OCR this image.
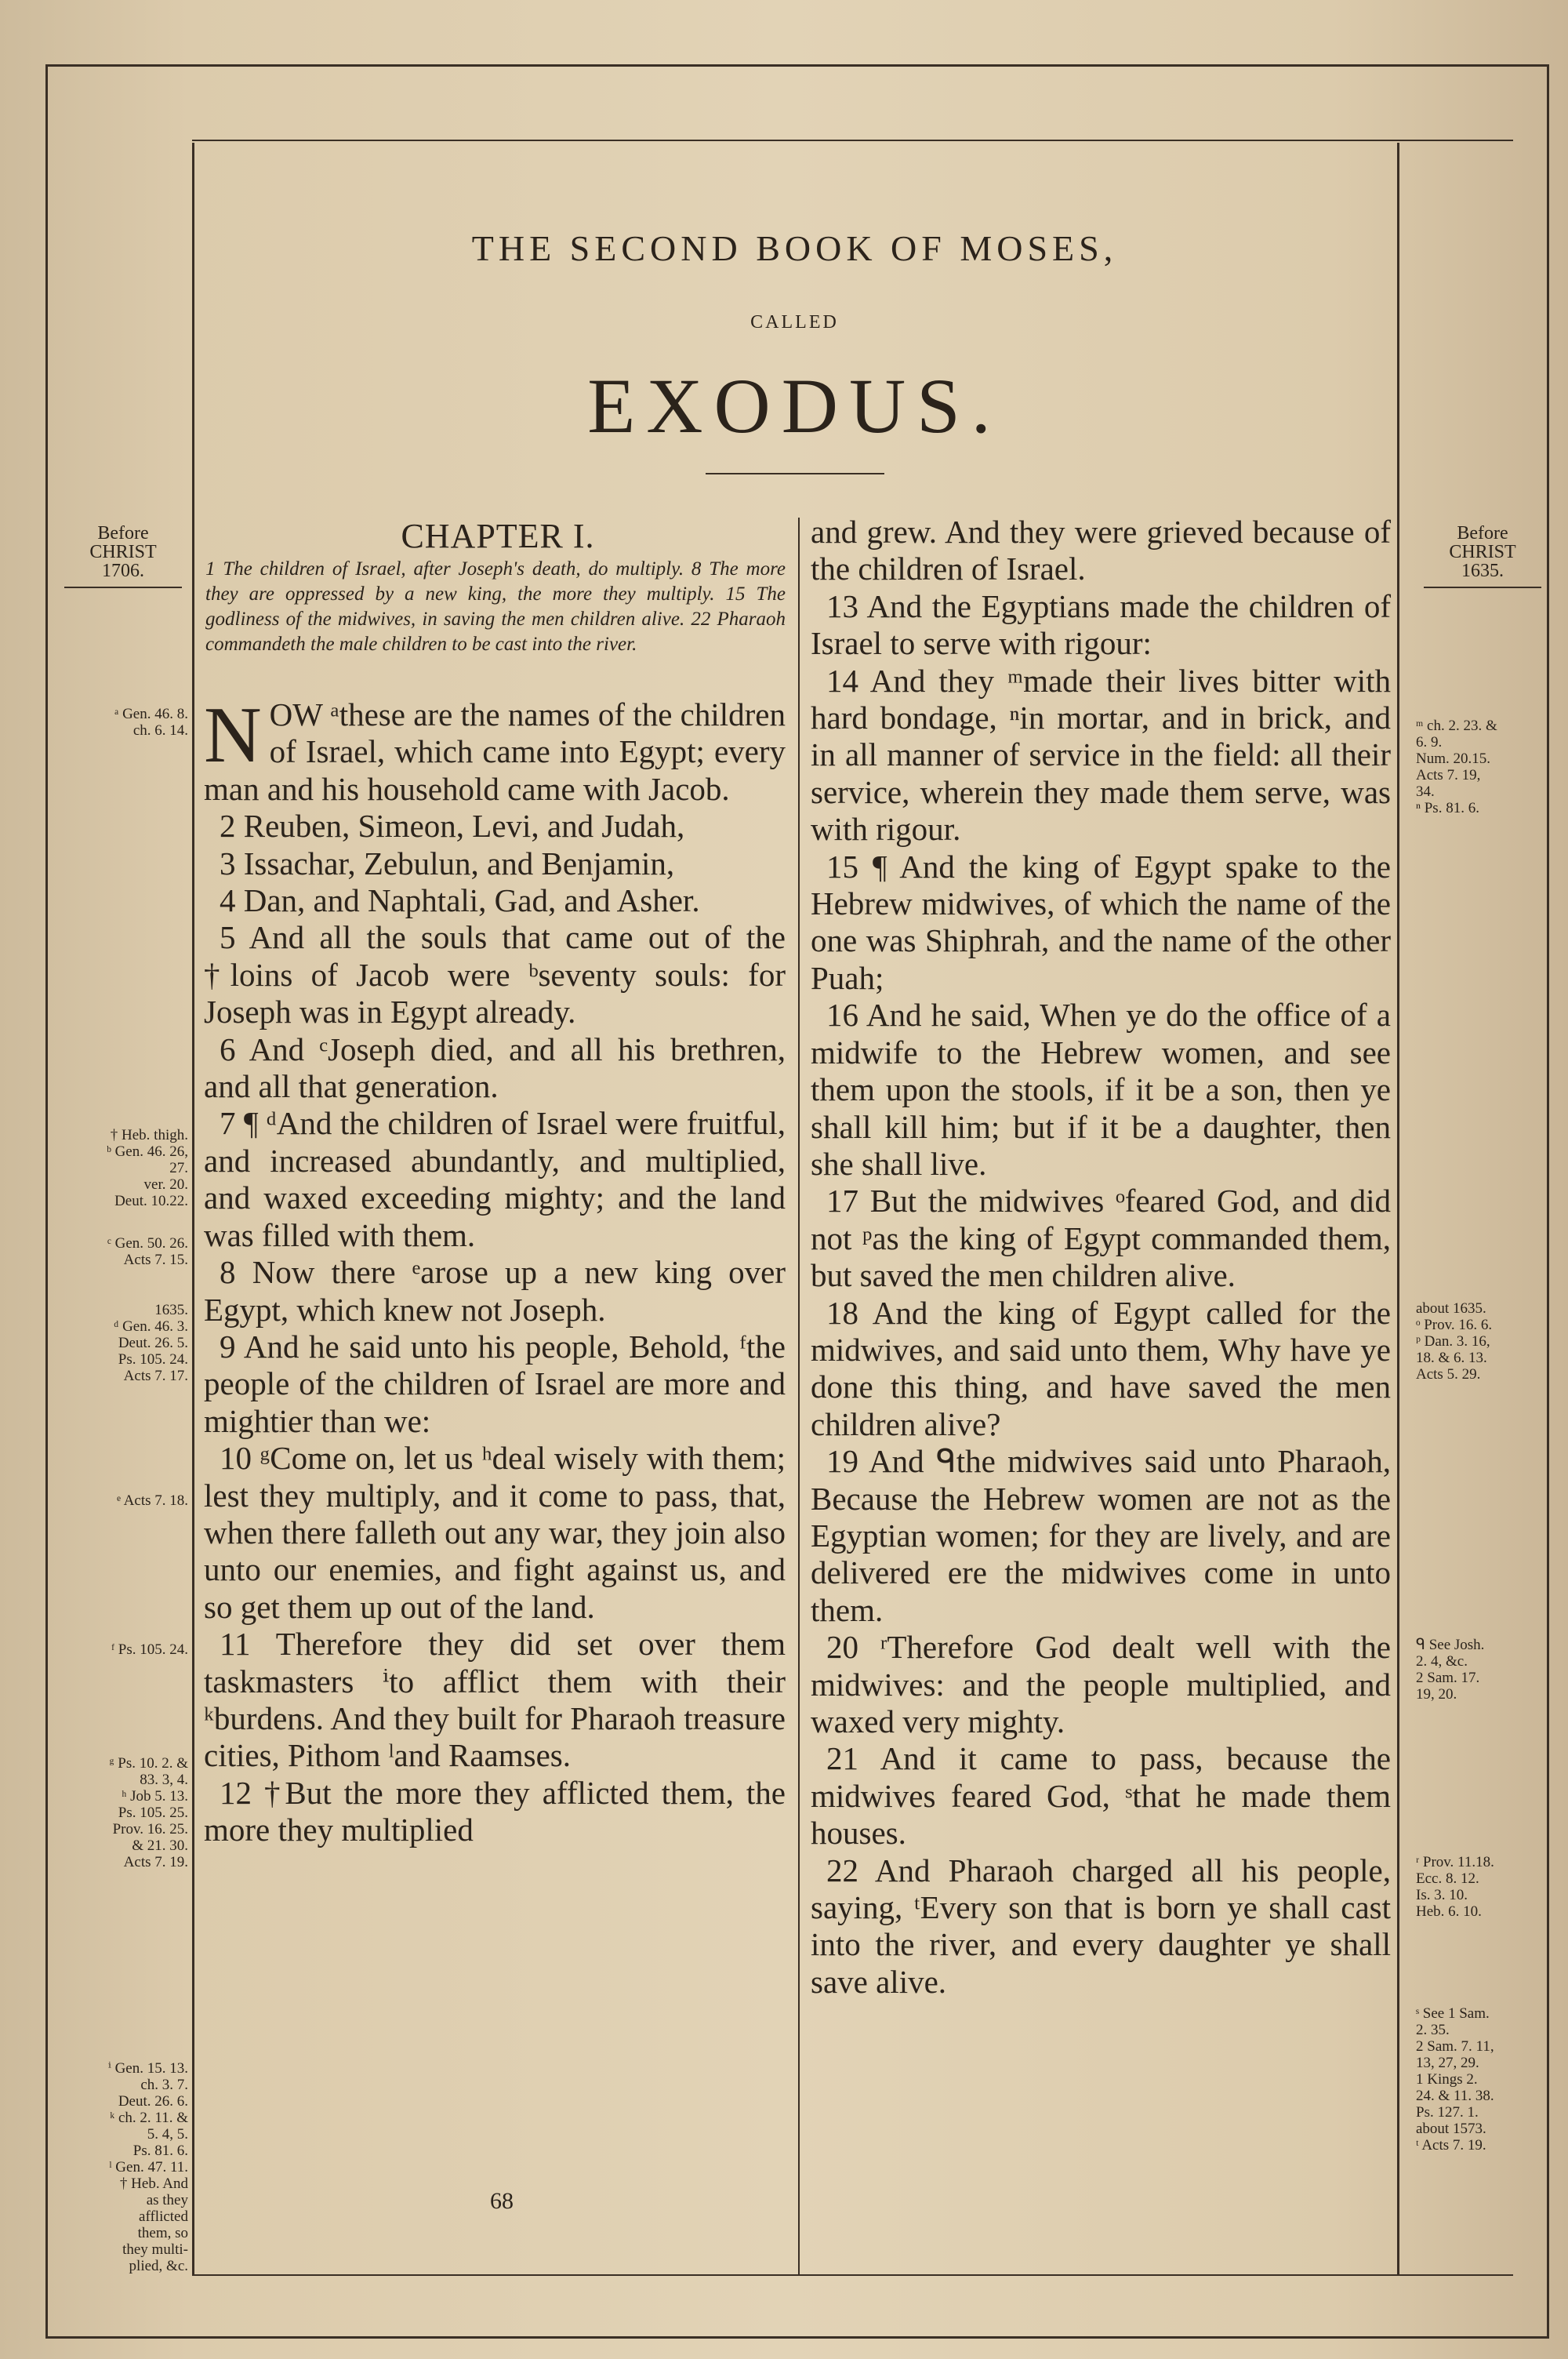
THE SECOND BOOK OF MOSES,
CALLED
EXODUS.
Before
CHRIST
1706.
Before
CHRIST
1635.
CHAPTER I.
1 The children of Israel, after Joseph's death, do multiply. 8 The more they are oppressed by a new king, the more they multiply. 15 The godliness of the midwives, in saving the men children alive. 22 Pharaoh commandeth the male children to be cast into the river.

NOW ᵃthese are the names of the children of Israel, which came into Egypt; every man and his household came with Jacob.

2 Reuben, Simeon, Levi, and Judah,

3 Issachar, Zebulun, and Benjamin,

4 Dan, and Naphtali, Gad, and Asher.

5 And all the souls that came out of the †loins of Jacob were ᵇseventy souls: for Joseph was in Egypt already.

6 And ᶜJoseph died, and all his brethren, and all that generation.

7 ¶ ᵈAnd the children of Israel were fruitful, and increased abundantly, and multiplied, and waxed exceeding mighty; and the land was filled with them.

8 Now there ᵉarose up a new king over Egypt, which knew not Joseph.

9 And he said unto his people, Behold, ᶠthe people of the children of Israel are more and mightier than we:

10 ᵍCome on, let us ʰdeal wisely with them; lest they multiply, and it come to pass, that, when there falleth out any war, they join also unto our enemies, and fight against us, and so get them up out of the land.

11 Therefore they did set over them taskmasters ⁱto afflict them with their ᵏburdens. And they built for Pharaoh treasure cities, Pithom ˡand Raamses.

12 †But the more they afflicted them, the more they multiplied

and grew. And they were grieved because of the children of Israel.

13 And the Egyptians made the children of Israel to serve with rigour:

14 And they ᵐmade their lives bitter with hard bondage, ⁿin mortar, and in brick, and in all manner of service in the field: all their service, wherein they made them serve, was with rigour.

15 ¶ And the king of Egypt spake to the Hebrew midwives, of which the name of the one was Shiphrah, and the name of the other Puah;

16 And he said, When ye do the office of a midwife to the Hebrew women, and see them upon the stools, if it be a son, then ye shall kill him; but if it be a daughter, then she shall live.

17 But the midwives ᵒfeared God, and did not ᵖas the king of Egypt commanded them, but saved the men children alive.

18 And the king of Egypt called for the midwives, and said unto them, Why have ye done this thing, and have saved the men children alive?

19 And ᑫthe midwives said unto Pharaoh, Because the Hebrew women are not as the Egyptian women; for they are lively, and are delivered ere the midwives come in unto them.

20 ʳTherefore God dealt well with the midwives: and the people multiplied, and waxed very mighty.

21 And it came to pass, because the midwives feared God, ˢthat he made them houses.

22 And Pharaoh charged all his people, saying, ᵗEvery son that is born ye shall cast into the river, and every daughter ye shall save alive.

ᵃ Gen. 46. 8.
ch. 6. 14.
† Heb. thigh.
ᵇ Gen. 46. 26,
27.
ver. 20.
Deut. 10.22.
ᶜ Gen. 50. 26.
Acts 7. 15.
1635.
ᵈ Gen. 46. 3.
Deut. 26. 5.
Ps. 105. 24.
Acts 7. 17.
ᵉ Acts 7. 18.
ᶠ Ps. 105. 24.
ᵍ Ps. 10. 2. &
83. 3, 4.
ʰ Job 5. 13.
Ps. 105. 25.
Prov. 16. 25.
& 21. 30.
Acts 7. 19.
ⁱ Gen. 15. 13.
ch. 3. 7.
Deut. 26. 6.
ᵏ ch. 2. 11. &
5. 4, 5.
Ps. 81. 6.
ˡ Gen. 47. 11.
† Heb. And
as they
afflicted
them, so
they multi-
plied, &c.
ᵐ ch. 2. 23. &
6. 9.
Num. 20.15.
Acts 7. 19,
34.
ⁿ Ps. 81. 6.
about 1635.
ᵒ Prov. 16. 6.
ᵖ Dan. 3. 16,
18. & 6. 13.
Acts 5. 29.
ᑫ See Josh.
2. 4, &c.
2 Sam. 17.
19, 20.
ʳ Prov. 11.18.
Ecc. 8. 12.
Is. 3. 10.
Heb. 6. 10.
ˢ See 1 Sam.
2. 35.
2 Sam. 7. 11,
13, 27, 29.
1 Kings 2.
24. & 11. 38.
Ps. 127. 1.
about 1573.
ᵗ Acts 7. 19.
68
